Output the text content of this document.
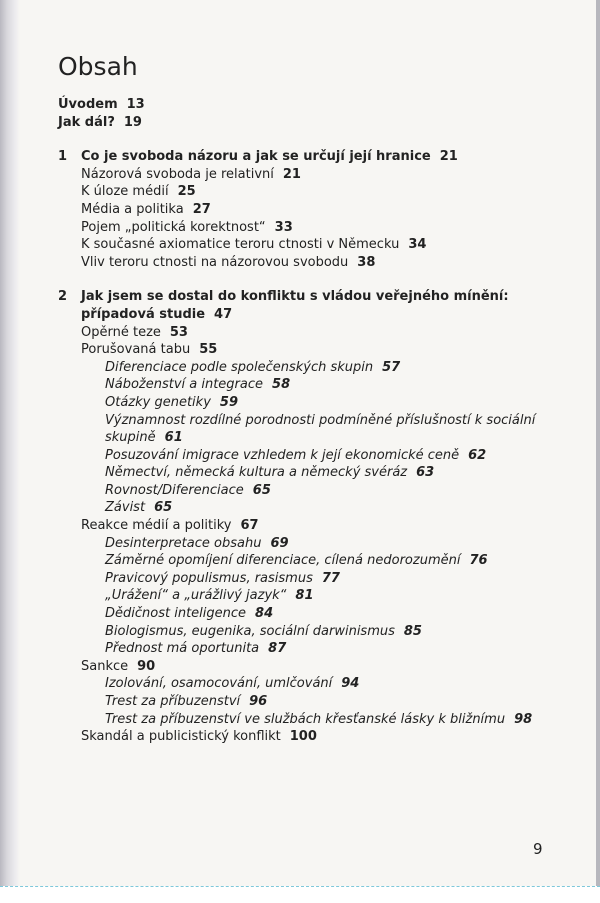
Obsah
Úvodem 13
Jak dál? 19
1 Co je svoboda názoru a jak se určují její hranice 21
Názorová svoboda je relativní 21
K úloze médií 25
Média a politika 27
Pojem „politická korektnost“ 33
K současné axiomatice teroru ctnosti v Německu 34
Vliv teroru ctnosti na názorovou svobodu 38
2 Jak jsem se dostal do konfliktu s vládou veřejného mínění:
případová studie 47
Opěrné teze 53
Porušovaná tabu 55
Diferenciace podle společenských skupin 57
Náboženství a integrace 58
Otázky genetiky 59
Významnost rozdílné porodnosti podmíněné příslušností k sociální
skupině 61
Posuzování imigrace vzhledem k její ekonomické ceně 62
Němectví, německá kultura a německý svéráz 63
Rovnost/Diferenciace 65
Závist 65
Reakce médií a politiky 67
Desinterpretace obsahu 69
Záměrné opomíjení diferenciace, cílená nedorozumění 76
Pravicový populismus, rasismus 77
„Urážení“ a „urážlivý jazyk“ 81
Dědičnost inteligence 84
Biologismus, eugenika, sociální darwinismus 85
Přednost má oportunita 87
Sankce 90
Izolování, osamocování, umlčování 94
Trest za příbuzenství 96
Trest za příbuzenství ve službách křesťanské lásky k bližnímu 98
Skandál a publicistický konflikt 100
9
